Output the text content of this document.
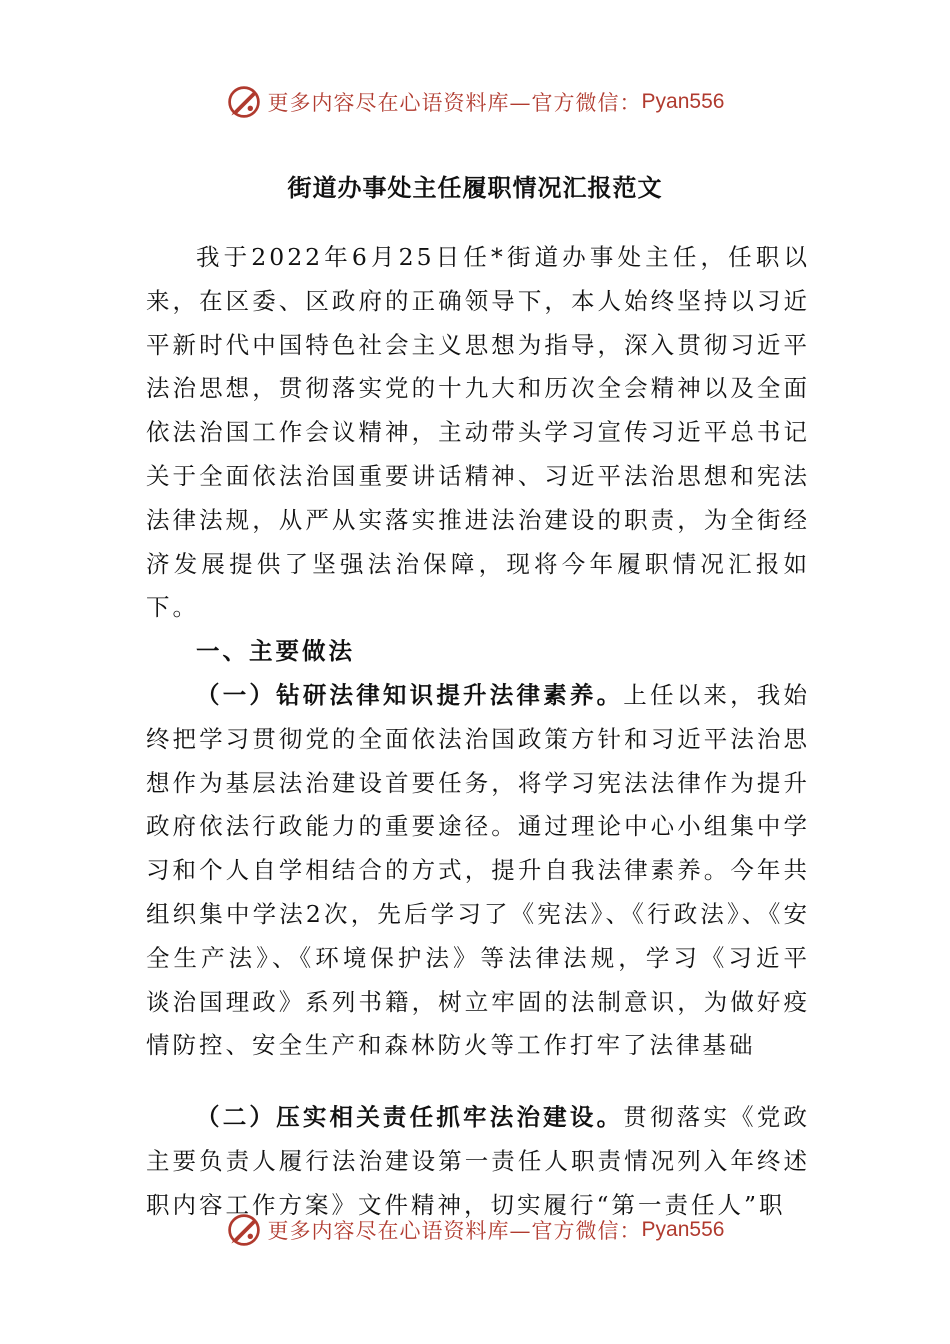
更多内容尽在心语资料库—官方微信： Pyan556
街道办事处主任履职情况汇报范文

我于2022年6月25日任*街道办事处主任，任职以来，在区委、区政府的正确领导下，本人始终坚持以习近平新时代中国特色社会主义思想为指导，深入贯彻习近平法治思想，贯彻落实党的十九大和历次全会精神以及全面依法治国工作会议精神，主动带头学习宣传习近平总书记关于全面依法治国重要讲话精神、习近平法治思想和宪法法律法规，从严从实落实推进法治建设的职责，为全街经济发展提供了坚强法治保障，现将今年履职情况汇报如下。

一、主要做法

（一）钻研法律知识提升法律素养。上任以来，我始终把学习贯彻党的全面依法治国政策方针和习近平法治思想作为基层法治建设首要任务，将学习宪法法律作为提升政府依法行政能力的重要途径。通过理论中心小组集中学习和个人自学相结合的方式，提升自我法律素养。今年共组织集中学法2次，先后学习了《宪法》、《行政法》、《安全生产法》、《环境保护法》等法律法规，学习《习近平谈治国理政》系列书籍，树立牢固的法制意识，为做好疫情防控、安全生产和森林防火等工作打牢了法律基础

（二）压实相关责任抓牢法治建设。贯彻落实《党政主要负责人履行法治建设第一责任人职责情况列入年终述职内容工作方案》文件精神，切实履行“第一责任人”职

更多内容尽在心语资料库—官方微信： Pyan556
